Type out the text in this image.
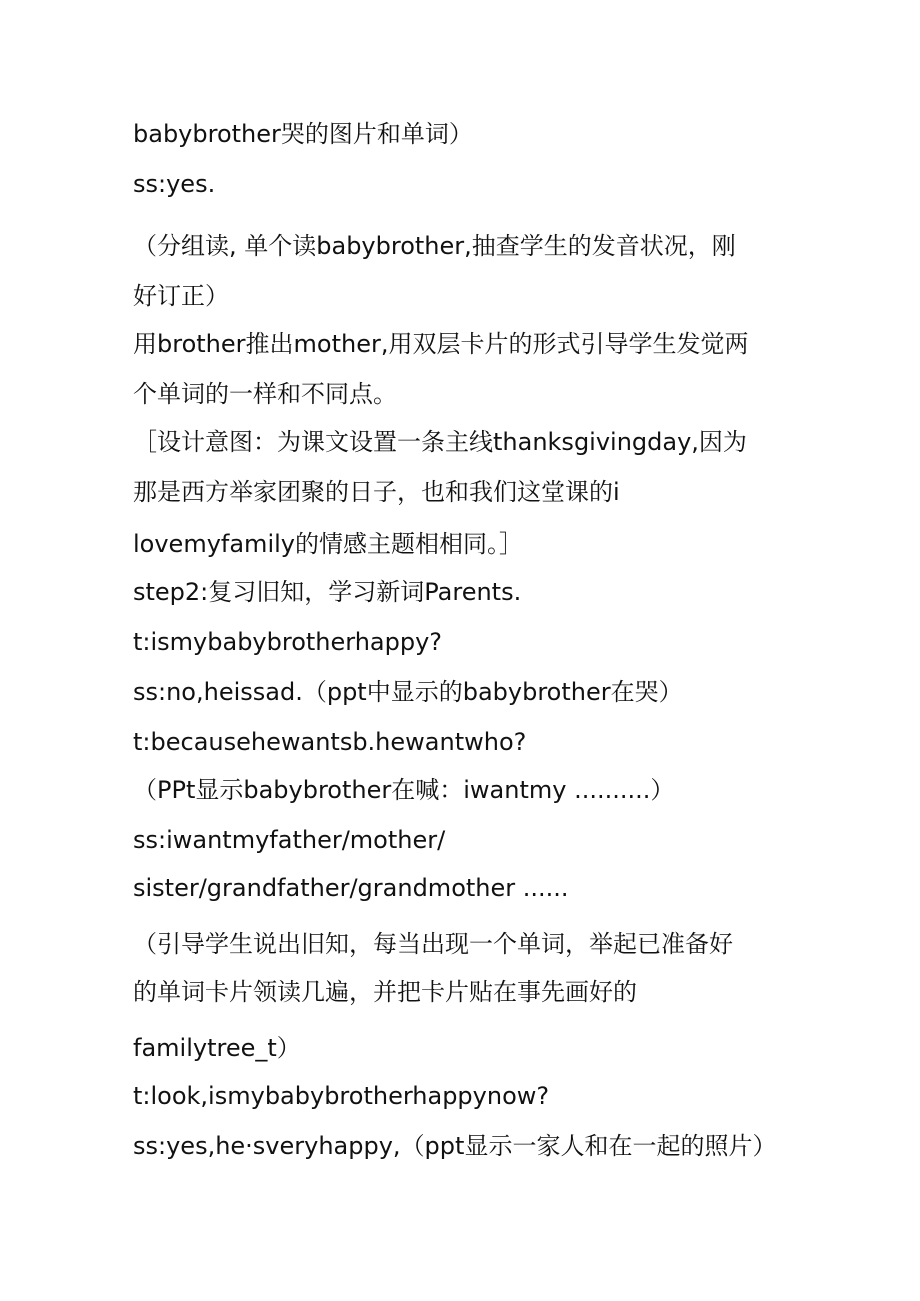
babybrother哭的图片和单词）
ss:yes.
（分组读, 单个读babybrother,抽查学生的发音状况，刚
好订正）
用brother推出mother,用双层卡片的形式引导学生发觉两
个单词的一样和不同点。
［设计意图：为课文设置一条主线thanksgivingday,因为
那是西方举家团聚的日子，也和我们这堂课的i
lovemyfamily的情感主题相相同。］
step2:复习旧知，学习新词Parents.
t:ismybabybrotherhappy?
ss:no,heissad.（ppt中显示的babybrother在哭）
t:becausehewantsb.hewantwho?
（PPt显示babybrother在喊：iwantmy ..........）
ss:iwantmyfather/mother/
sister/grandfather/grandmother ......
（引导学生说出旧知，每当出现一个单词，举起已准备好
的单词卡片领读几遍，并把卡片贴在事先画好的
familytree_t）
t:look,ismybabybrotherhappynow?
ss:yes,he·sveryhappy,（ppt显示一家人和在一起的照片）
